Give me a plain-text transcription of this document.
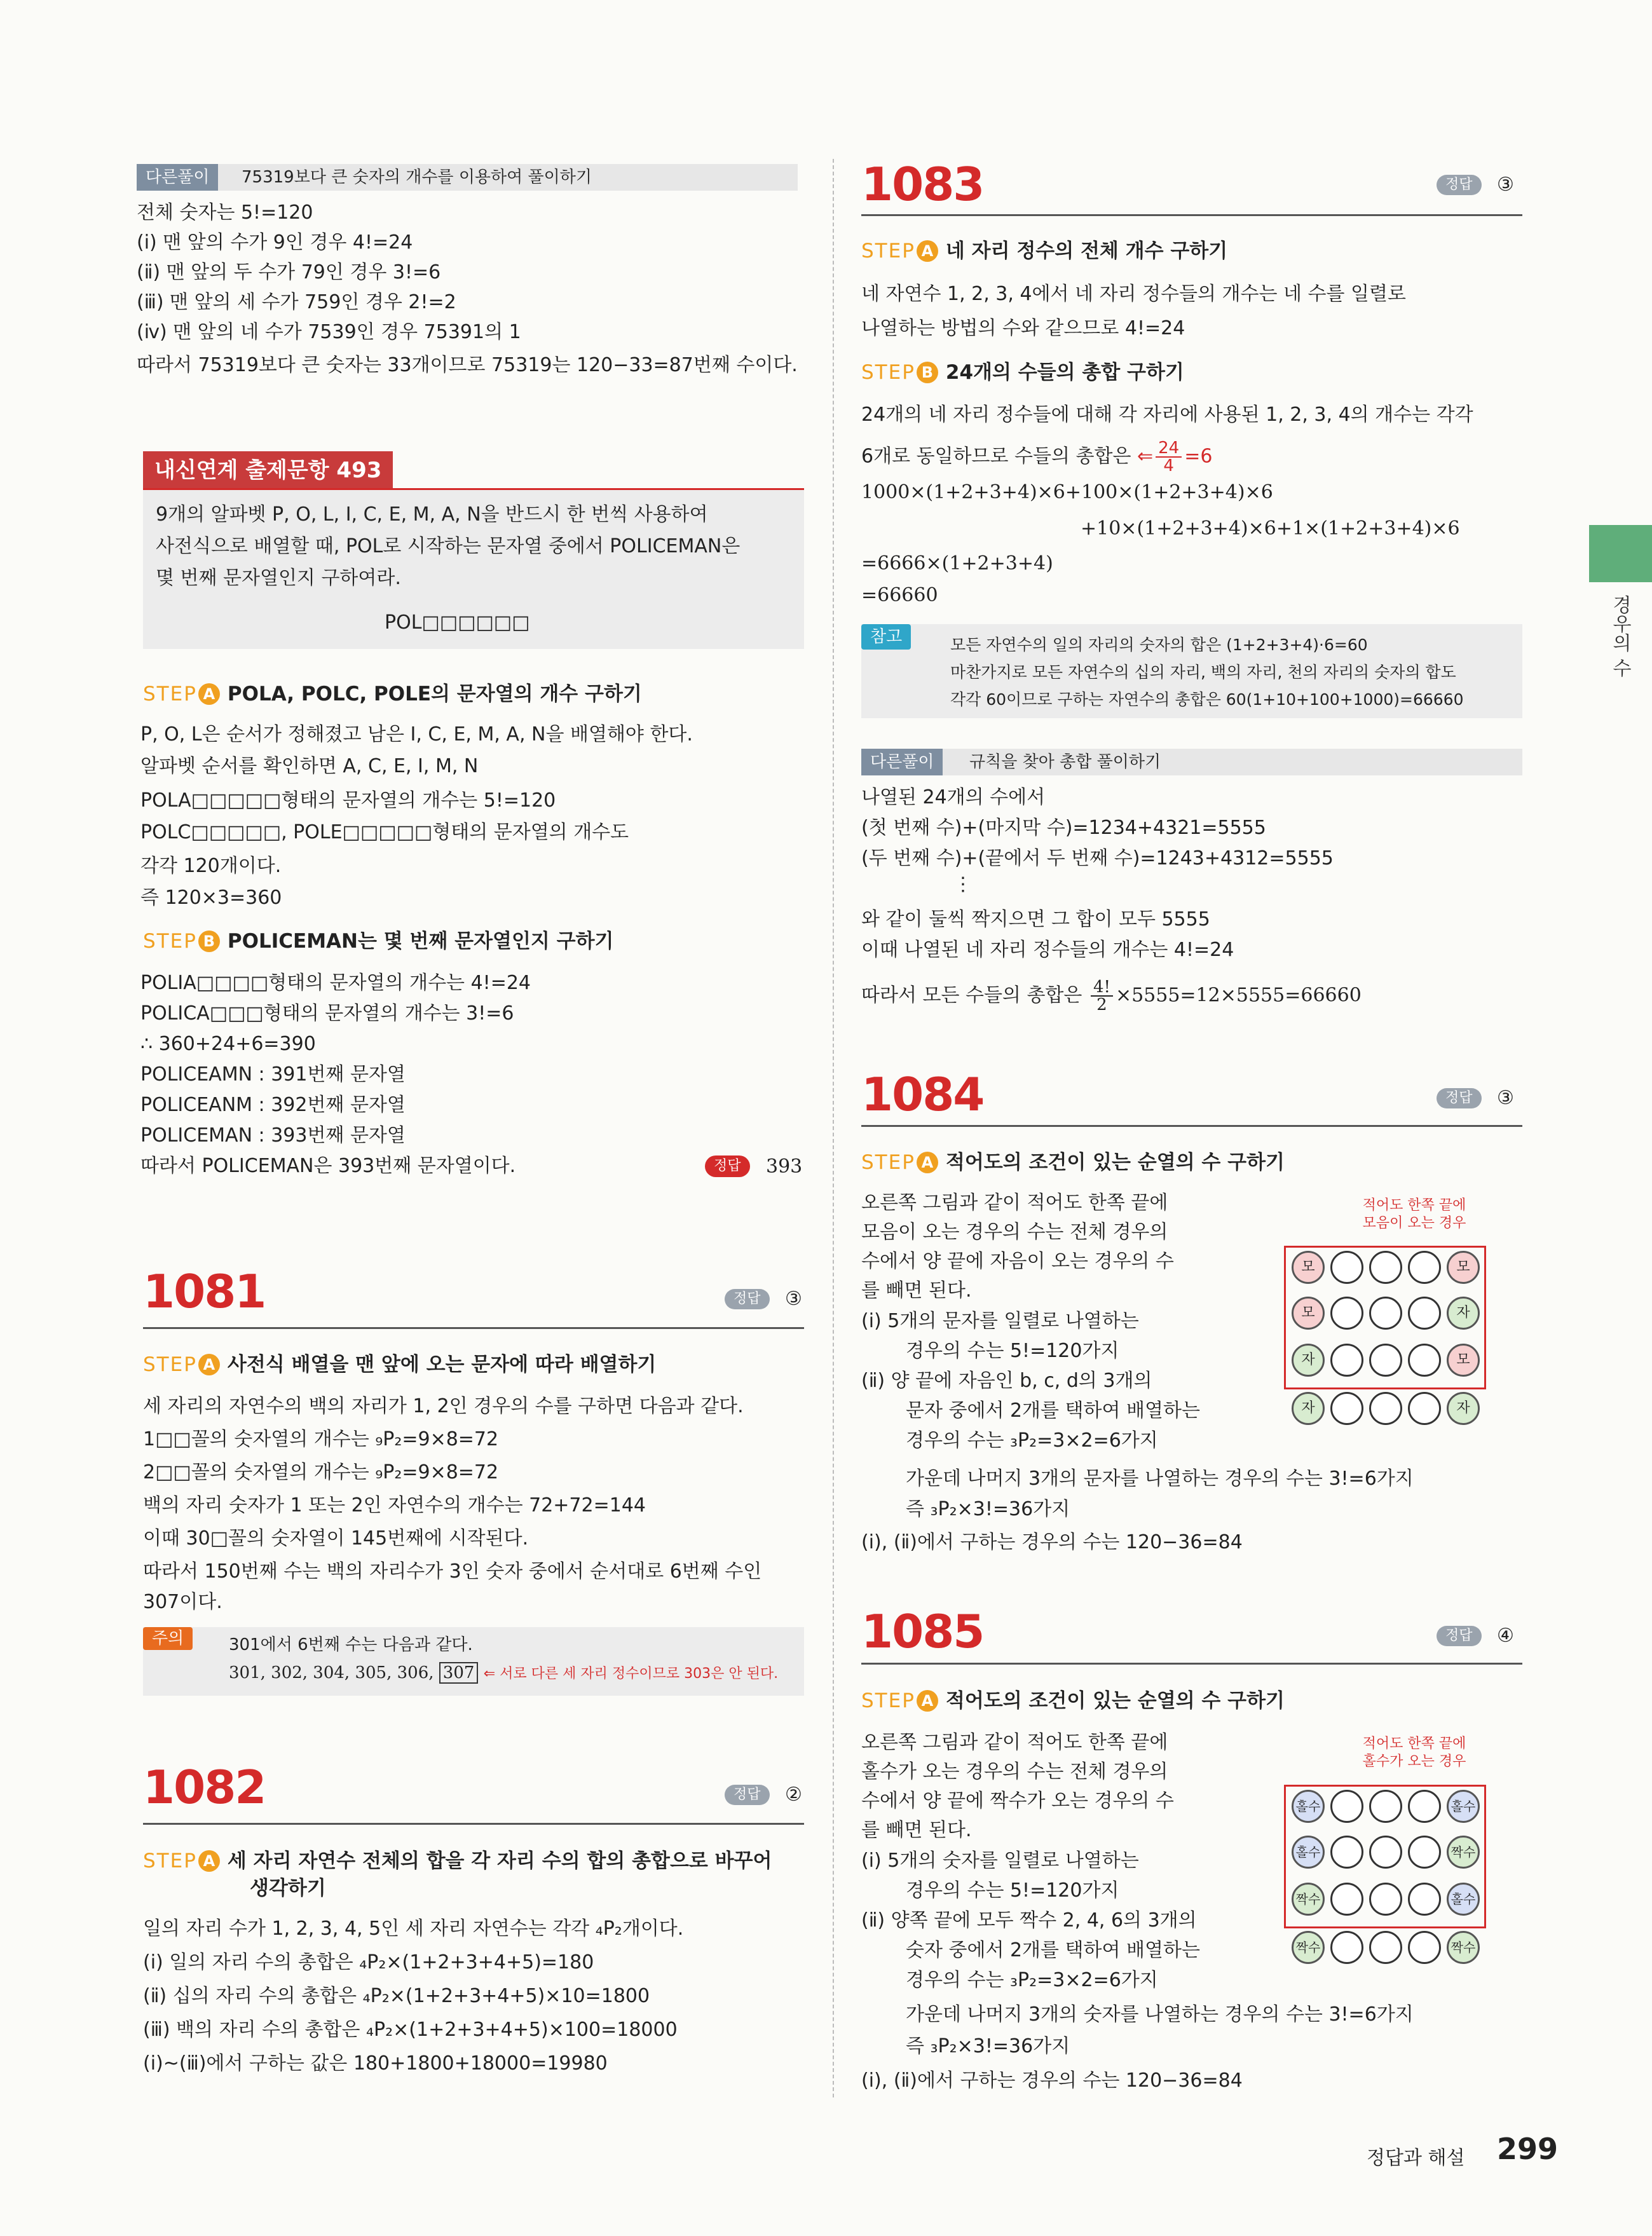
다른풀이	75319보다 큰 숫자의 개수를 이용하여 풀이하기
전체 숫자는 5!=120
(ⅰ) 맨 앞의 수가 9인 경우 4!=24
(ⅱ) 맨 앞의 두 수가 79인 경우 3!=6
(ⅲ) 맨 앞의 세 수가 759인 경우 2!=2
(ⅳ) 맨 앞의 네 수가 7539인 경우 75391의 1
따라서 75319보다 큰 숫자는 33개이므로 75319는 120−33=87번째 수이다.
내신연계 출제문항 493
9개의 알파벳 P, O, L, I, C, E, M, A, N을 반드시 한 번씩 사용하여
사전식으로 배열할 때, POL로 시작하는 문자열 중에서 POLICEMAN은
몇 번째 문자열인지 구하여라.
POL□□□□□□
STEP A POLA, POLC, POLE의 문자열의 개수 구하기
P, O, L은 순서가 정해졌고 남은 I, C, E, M, A, N을 배열해야 한다.
알파벳 순서를 확인하면 A, C, E, I, M, N
POLA□□□□□형태의 문자열의 개수는 5!=120
POLC□□□□□, POLE□□□□□형태의 문자열의 개수도
각각 120개이다.
즉 120×3=360
STEP B POLICEMAN는 몇 번째 문자열인지 구하기
POLIA□□□□형태의 문자열의 개수는 4!=24
POLICA□□□형태의 문자열의 개수는 3!=6
∴ 360+24+6=390
POLICEAMN : 391번째 문자열
POLICEANM : 392번째 문자열
POLICEMAN : 393번째 문자열
따라서 POLICEMAN은 393번째 문자열이다.	정답	393
1081	정답	③
STEP A 사전식 배열을 맨 앞에 오는 문자에 따라 배열하기
세 자리의 자연수의 백의 자리가 1, 2인 경우의 수를 구하면 다음과 같다.
1□□꼴의 숫자열의 개수는 ₉P₂=9×8=72
2□□꼴의 숫자열의 개수는 ₉P₂=9×8=72
백의 자리 숫자가 1 또는 2인 자연수의 개수는 72+72=144
이때 30□꼴의 숫자열이 145번째에 시작된다.
따라서 150번째 수는 백의 자리수가 3인 숫자 중에서 순서대로 6번째 수인
307이다.
주의	301에서 6번째 수는 다음과 같다.
301, 302, 304, 305, 306, 307 ⇐ 서로 다른 세 자리 정수이므로 303은 안 된다.
1082	정답	②
STEP A 세 자리 자연수 전체의 합을 각 자리 수의 합의 총합으로 바꾸어
생각하기
일의 자리 수가 1, 2, 3, 4, 5인 세 자리 자연수는 각각 ₄P₂개이다.
(ⅰ) 일의 자리 수의 총합은 ₄P₂×(1+2+3+4+5)=180
(ⅱ) 십의 자리 수의 총합은 ₄P₂×(1+2+3+4+5)×10=1800
(ⅲ) 백의 자리 수의 총합은 ₄P₂×(1+2+3+4+5)×100=18000
(ⅰ)~(ⅲ)에서 구하는 값은 180+1800+18000=19980
1083	정답	③
STEP A 네 자리 정수의 전체 개수 구하기
네 자연수 1, 2, 3, 4에서 네 자리 정수들의 개수는 네 수를 일렬로
나열하는 방법의 수와 같으므로 4!=24
STEP B 24개의 수들의 총합 구하기
24개의 네 자리 정수들에 대해 각 자리에 사용된 1, 2, 3, 4의 개수는 각각
6개로 동일하므로 수들의 총합은 ⇐ $\frac{24}{4} =6$
1000×(1+2+3+4)×6+100×(1+2+3+4)×6
+10×(1+2+3+4)×6+1×(1+2+3+4)×6
=6666×(1+2+3+4)
=66660
참고	모든 자연수의 일의 자리의 숫자의 합은 (1+2+3+4)·6=60
마찬가지로 모든 자연수의 십의 자리, 백의 자리, 천의 자리의 숫자의 합도
각각 60이므로 구하는 자연수의 총합은 60(1+10+100+1000)=66660
다른풀이	규칙을 찾아 총합 풀이하기
나열된 24개의 수에서
(첫 번째 수)+(마지막 수)=1234+4321=5555
(두 번째 수)+(끝에서 두 번째 수)=1243+4312=5555
⋮
와 같이 둘씩 짝지으면 그 합이 모두 5555
이때 나열된 네 자리 정수들의 개수는 4!=24
따라서 모든 수들의 총합은 $\frac{4!}{2} \times 5555=12\times 5555=66660$
1084	정답	③
STEP A 적어도의 조건이 있는 순열의 수 구하기
오른쪽 그림과 같이 적어도 한쪽 끝에
모음이 오는 경우의 수는 전체 경우의
수에서 양 끝에 자음이 오는 경우의 수
를 빼면 된다.
(ⅰ) 5개의 문자를 일렬로 나열하는
경우의 수는 5!=120가지
(ⅱ) 양 끝에 자음인 b, c, d의 3개의
문자 중에서 2개를 택하여 배열하는
경우의 수는 ₃P₂=3×2=6가지
가운데 나머지 3개의 문자를 나열하는 경우의 수는 3!=6가지
즉 ₃P₂×3!=36가지
(ⅰ), (ⅱ)에서 구하는 경우의 수는 120−36=84
적어도 한쪽 끝에
모음이 오는 경우
모	모
모	자
자	모
자	자
1085	정답	④
STEP A 적어도의 조건이 있는 순열의 수 구하기
오른쪽 그림과 같이 적어도 한쪽 끝에
홀수가 오는 경우의 수는 전체 경우의
수에서 양 끝에 짝수가 오는 경우의 수
를 빼면 된다.
(ⅰ) 5개의 숫자를 일렬로 나열하는
경우의 수는 5!=120가지
(ⅱ) 양쪽 끝에 모두 짝수 2, 4, 6의 3개의
숫자 중에서 2개를 택하여 배열하는
경우의 수는 ₃P₂=3×2=6가지
가운데 나머지 3개의 숫자를 나열하는 경우의 수는 3!=6가지
즉 ₃P₂×3!=36가지
(ⅰ), (ⅱ)에서 구하는 경우의 수는 120−36=84
적어도 한쪽 끝에
홀수가 오는 경우
홀수	홀수
홀수	짝수
짝수	홀수
짝수	짝수
경우의 수
정답과 해설 299
